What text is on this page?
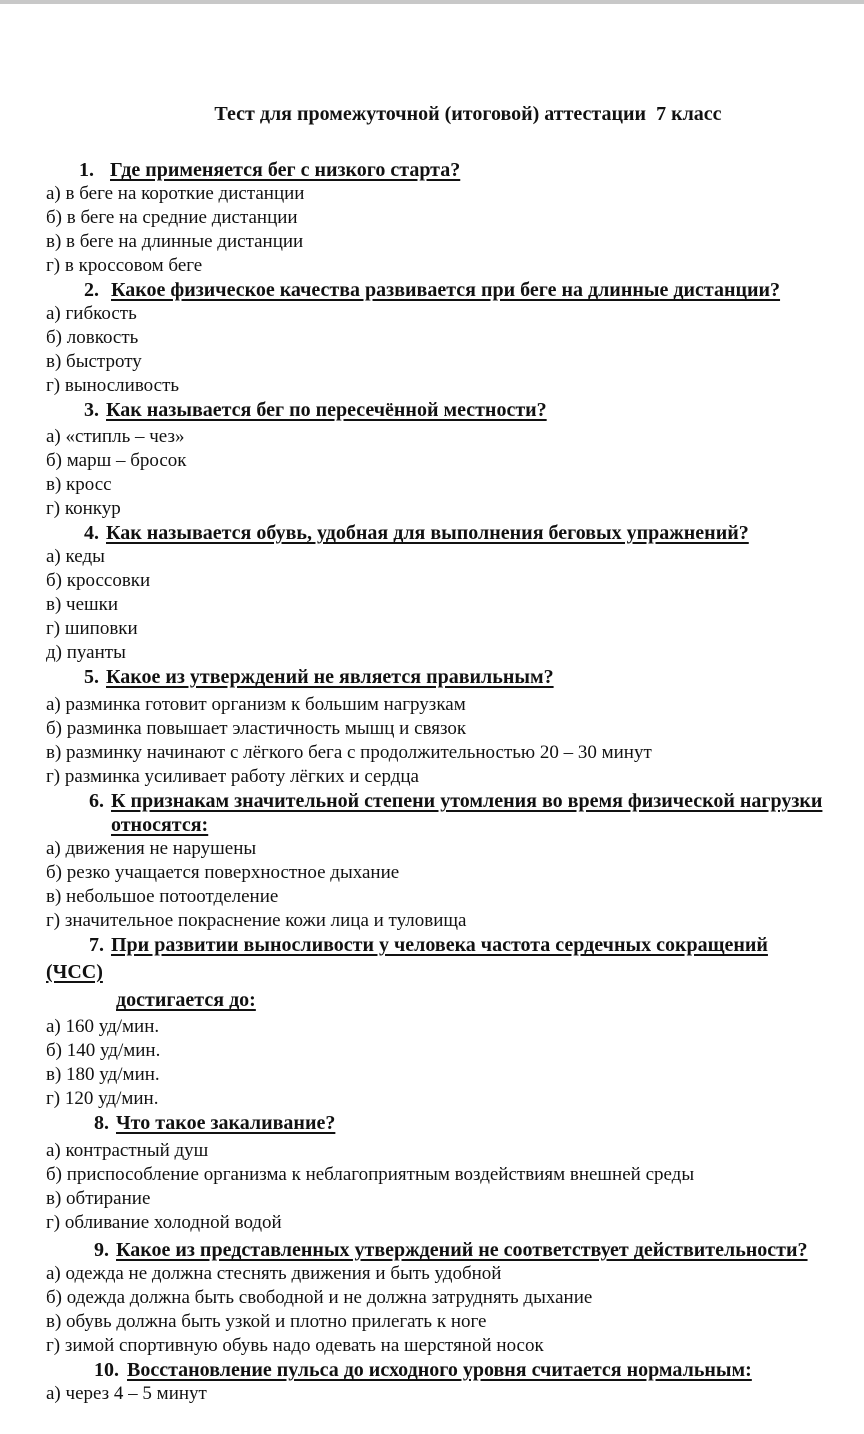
Тест для промежуточной (итоговой) аттестации  7 класс
1. Где применяется бег с низкого старта?
а) в беге на короткие дистанции
б) в беге на средние дистанции
в) в беге на длинные дистанции
г) в кроссовом беге
2. Какое физическое качества развивается при беге на длинные дистанции?
а) гибкость
б) ловкость
в) быстроту
г) выносливость
3. Как называется бег по пересечённой местности?
а) «стипль – чез»
б) марш – бросок
в) кросс
г) конкур
4. Как называется обувь, удобная для выполнения беговых упражнений?
а) кеды
б) кроссовки
в) чешки
г) шиповки
д) пуанты
5. Какое из утверждений не является правильным?
а) разминка готовит организм к большим нагрузкам
б) разминка повышает эластичность мышц и связок
в) разминку начинают с лёгкого бега с продолжительностью 20 – 30 минут
г) разминка усиливает работу лёгких и сердца
6. К признакам значительной степени утомления во время физической нагрузки
относятся:
а) движения не нарушены
б) резко учащается поверхностное дыхание
в) небольшое потоотделение
г) значительное покраснение кожи лица и туловища
7. При развитии выносливости у человека частота сердечных сокращений
(ЧСС)
достигается до:
а) 160 уд/мин.
б) 140 уд/мин.
в) 180 уд/мин.
г) 120 уд/мин.
8. Что такое закаливание?
а) контрастный душ
б) приспособление организма к неблагоприятным воздействиям внешней среды
в) обтирание
г) обливание холодной водой
9. Какое из представленных утверждений не соответствует действительности?
а) одежда не должна стеснять движения и быть удобной
б) одежда должна быть свободной и не должна затруднять дыхание
в) обувь должна быть узкой и плотно прилегать к ноге
г) зимой спортивную обувь надо одевать на шерстяной носок
10. Восстановление пульса до исходного уровня считается нормальным:
а) через 4 – 5 минут
